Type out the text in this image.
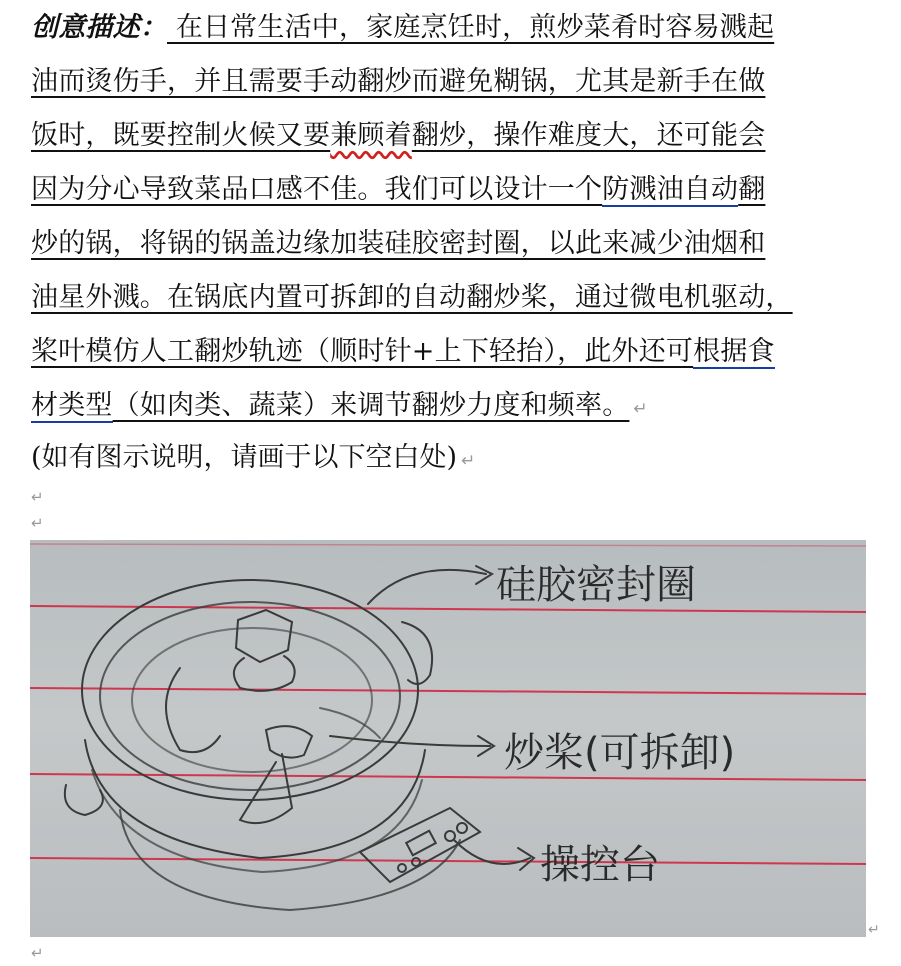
创意描述： 在日常生活中，家庭烹饪时，煎炒菜肴时容易溅起
油而烫伤手，并且需要手动翻炒而避免糊锅，尤其是新手在做
饭时，既要控制火候又要兼顾着翻炒，操作难度大，还可能会
因为分心导致菜品口感不佳。我们可以设计一个防溅油自动翻
炒的锅，将锅的锅盖边缘加装硅胶密封圈，以此来减少油烟和
油星外溅。在锅底内置可拆卸的自动翻炒桨，通过微电机驱动，
桨叶模仿人工翻炒轨迹（顺时针+上下轻抬），此外还可根据食
材类型（如肉类、蔬菜）来调节翻炒力度和频率。 ↵
(如有图示说明，请画于以下空白处) ↵
↵
↵
硅胶密封圈
炒桨(可拆卸)
操控台
↵
↵
